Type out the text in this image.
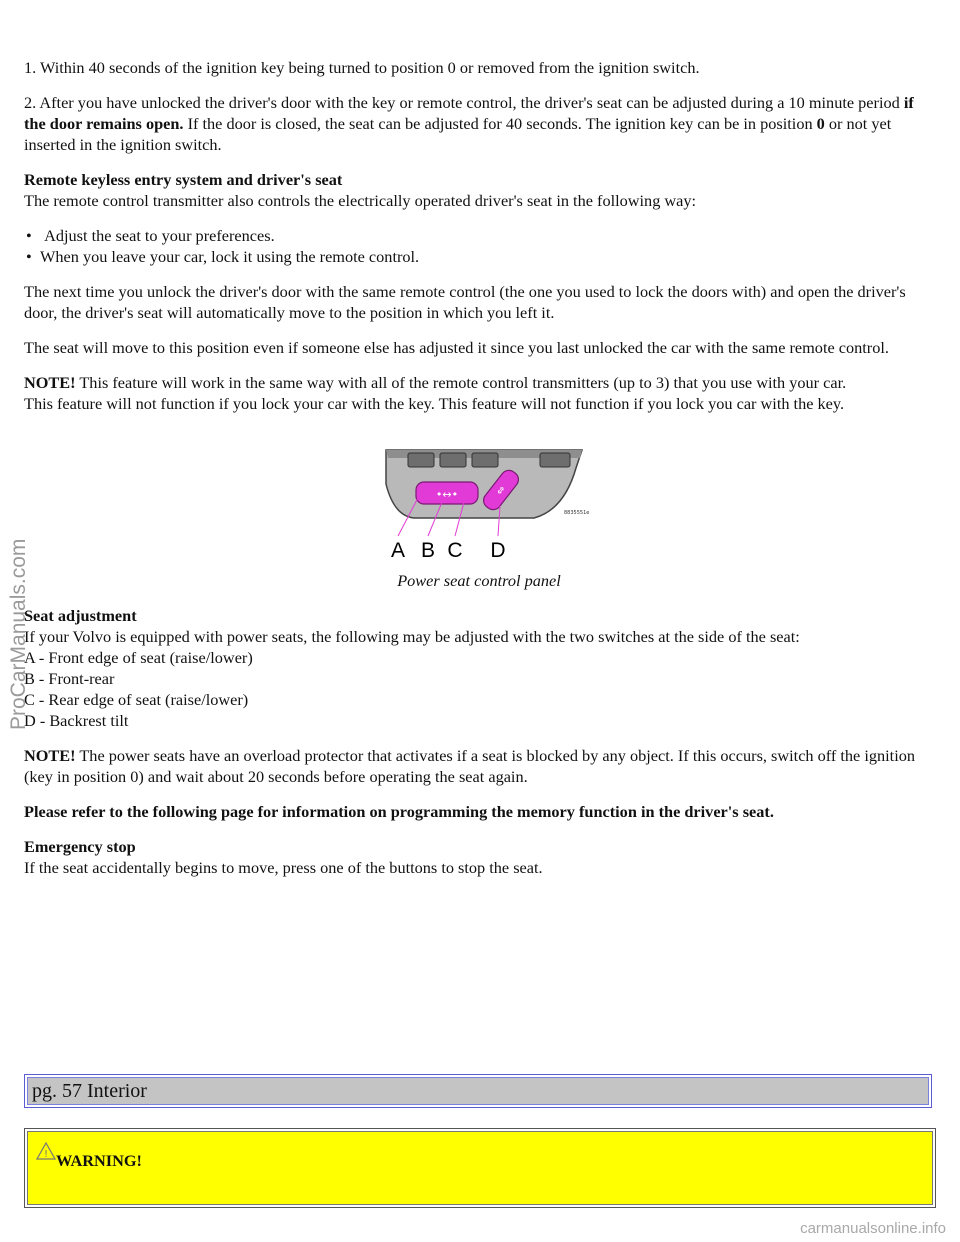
1. Within 40 seconds of the ignition key being turned to position 0 or removed from the ignition switch.

2. After you have unlocked the driver's door with the key or remote control, the driver's seat can be adjusted during a 10 minute period if the door remains open. If the door is closed, the seat can be adjusted for 40 seconds. The ignition key can be in position 0 or not yet inserted in the ignition switch.

Remote keyless entry system and driver's seat

The remote control transmitter also controls the electrically operated driver's seat in the following way:

• Adjust the seat to your preferences.
• When you leave your car, lock it using the remote control.

The next time you unlock the driver's door with the same remote control (the one you used to lock the doors with) and open the driver's door, the driver's seat will automatically move to the position in which you left it.

The seat will move to this position even if someone else has adjusted it since you last unlocked the car with the same remote control.

NOTE! This feature will work in the same way with all of the remote control transmitters (up to 3) that you use with your car.
This feature will not function if you lock your car with the key. This feature will not function if you lock you car with the key.

•↔•	⇕
8835551e
A B C D

Power seat control panel

Seat adjustment
If your Volvo is equipped with power seats, the following may be adjusted with the two switches at the side of the seat:
A - Front edge of seat (raise/lower)
B - Front-rear
C - Rear edge of seat (raise/lower)

D - Backrest tilt

NOTE! The power seats have an overload protector that activates if a seat is blocked by any object. If this occurs, switch off the ignition (key in position 0) and wait about 20 seconds before operating the seat again.

Please refer to the following page for information on programming the memory function in the driver's seat.

Emergency stop
If the seat accidentally begins to move, press one of the buttons to stop the seat.
pg. 57 Interior
! WARNING!
ProCarManuals.com
carmanualsonline.info
